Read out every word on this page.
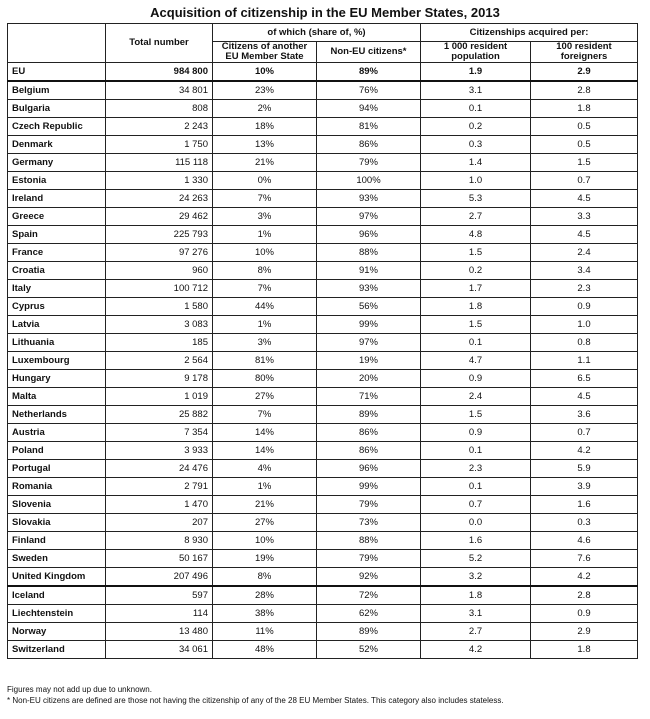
Acquisition of citizenship in the EU Member States, 2013
	Total number	of which (share of, %)		Citizenships acquired per:	
		Citizens of another EU Member State	Non-EU citizens*	1 000 resident population	100 resident foreigners
EU	984 800	10%	89%	1.9	2.9
Belgium	34 801	23%	76%	3.1	2.8
Bulgaria	808	2%	94%	0.1	1.8
Czech Republic	2 243	18%	81%	0.2	0.5
Denmark	1 750	13%	86%	0.3	0.5
Germany	115 118	21%	79%	1.4	1.5
Estonia	1 330	0%	100%	1.0	0.7
Ireland	24 263	7%	93%	5.3	4.5
Greece	29 462	3%	97%	2.7	3.3
Spain	225 793	1%	96%	4.8	4.5
France	97 276	10%	88%	1.5	2.4
Croatia	960	8%	91%	0.2	3.4
Italy	100 712	7%	93%	1.7	2.3
Cyprus	1 580	44%	56%	1.8	0.9
Latvia	3 083	1%	99%	1.5	1.0
Lithuania	185	3%	97%	0.1	0.8
Luxembourg	2 564	81%	19%	4.7	1.1
Hungary	9 178	80%	20%	0.9	6.5
Malta	1 019	27%	71%	2.4	4.5
Netherlands	25 882	7%	89%	1.5	3.6
Austria	7 354	14%	86%	0.9	0.7
Poland	3 933	14%	86%	0.1	4.2
Portugal	24 476	4%	96%	2.3	5.9
Romania	2 791	1%	99%	0.1	3.9
Slovenia	1 470	21%	79%	0.7	1.6
Slovakia	207	27%	73%	0.0	0.3
Finland	8 930	10%	88%	1.6	4.6
Sweden	50 167	19%	79%	5.2	7.6
United Kingdom	207 496	8%	92%	3.2	4.2
Iceland	597	28%	72%	1.8	2.8
Liechtenstein	114	38%	62%	3.1	0.9
Norway	13 480	11%	89%	2.7	2.9
Switzerland	34 061	48%	52%	4.2	1.8
Figures may not add up due to unknown.
* Non-EU citizens are defined are those not having the citizenship of any of the 28 EU Member States. This category also includes stateless.
